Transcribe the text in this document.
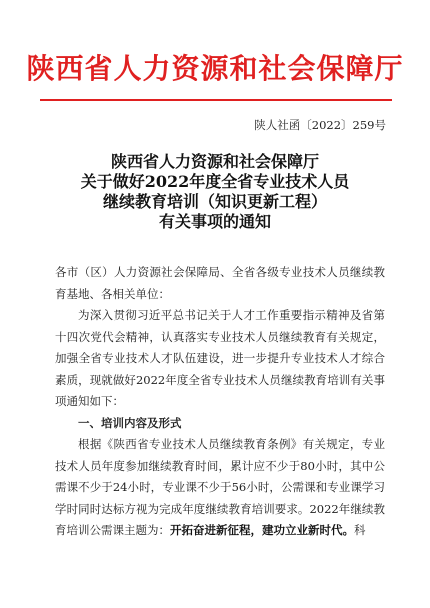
陕西省人力资源和社会保障厅
陕人社函〔2022〕259号
陕西省人力资源和社会保障厅
关于做好2022年度全省专业技术人员
继续教育培训（知识更新工程）
有关事项的通知

各市（区）人力资源社会保障局、全省各级专业技术人员继续教育基地、各相关单位：

为深入贯彻习近平总书记关于人才工作重要指示精神及省第十四次党代会精神，认真落实专业技术人员继续教育有关规定，加强全省专业技术人才队伍建设，进一步提升专业技术人才综合素质，现就做好2022年度全省专业技术人员继续教育培训有关事项通知如下：

一、培训内容及形式

根据《陕西省专业技术人员继续教育条例》有关规定，专业技术人员年度参加继续教育时间，累计应不少于80小时，其中公需课不少于24小时，专业课不少于56小时，公需课和专业课学习学时同时达标方视为完成年度继续教育培训要求。2022年继续教育培训公需课主题为：开拓奋进新征程，建功立业新时代。科
